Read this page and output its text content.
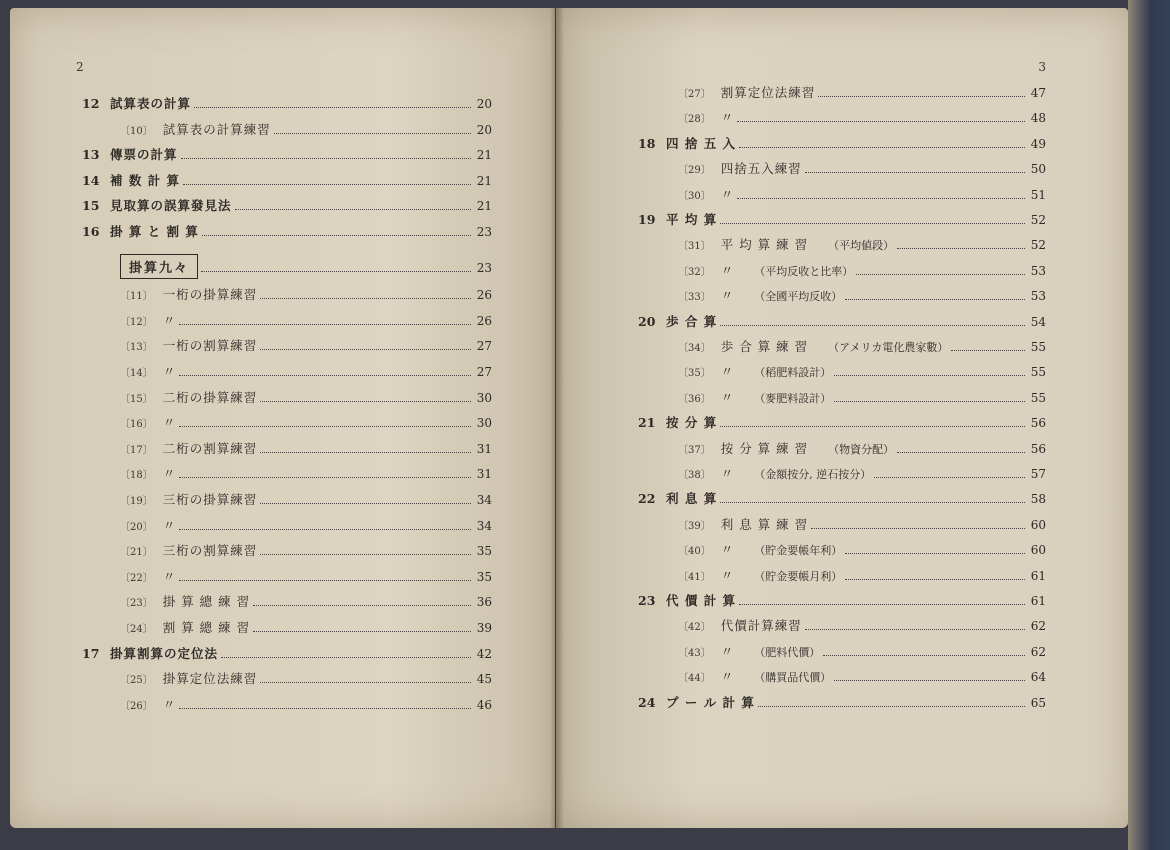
2
12 試算表の計算	20
〔10〕 試算表の計算練習	20
13 傳票の計算	21
14 補 数 計 算	21
15 見取算の誤算發見法	21
16 掛 算 と 割 算	23
掛算九々	23
〔11〕 一桁の掛算練習	26
〔12〕 〃	26
〔13〕 一桁の割算練習	27
〔14〕 〃	27
〔15〕 二桁の掛算練習	30
〔16〕 〃	30
〔17〕 二桁の割算練習	31
〔18〕 〃	31
〔19〕 三桁の掛算練習	34
〔20〕 〃	34
〔21〕 三桁の割算練習	35
〔22〕 〃	35
〔23〕 掛 算 總 練 習	36
〔24〕 割 算 總 練 習	39
17 掛算割算の定位法	42
〔25〕 掛算定位法練習	45
〔26〕 〃	46
3
〔27〕 割算定位法練習	47
〔28〕 〃	48
18 四 捨 五 入	49
〔29〕 四捨五入練習	50
〔30〕 〃	51
19 平 均 算	52
〔31〕 平 均 算 練 習 （平均値段）	52
〔32〕 〃 （平均反收と比率）	53
〔33〕 〃 （全國平均反收）	53
20 歩 合 算	54
〔34〕 歩 合 算 練 習 （アメリカ電化農家數）	55
〔35〕 〃 （稻肥料設計）	55
〔36〕 〃 （麥肥料設計）	55
21 按 分 算	56
〔37〕 按 分 算 練 習 （物資分配）	56
〔38〕 〃 （金額按分, 逆石按分）	57
22 利 息 算	58
〔39〕 利 息 算 練 習	60
〔40〕 〃 （貯金要帳年利）	60
〔41〕 〃 （貯金要帳月利）	61
23 代 價 計 算	61
〔42〕 代價計算練習	62
〔43〕 〃 （肥料代價）	62
〔44〕 〃 （購買品代價）	64
24 プ ー ル 計 算	65
